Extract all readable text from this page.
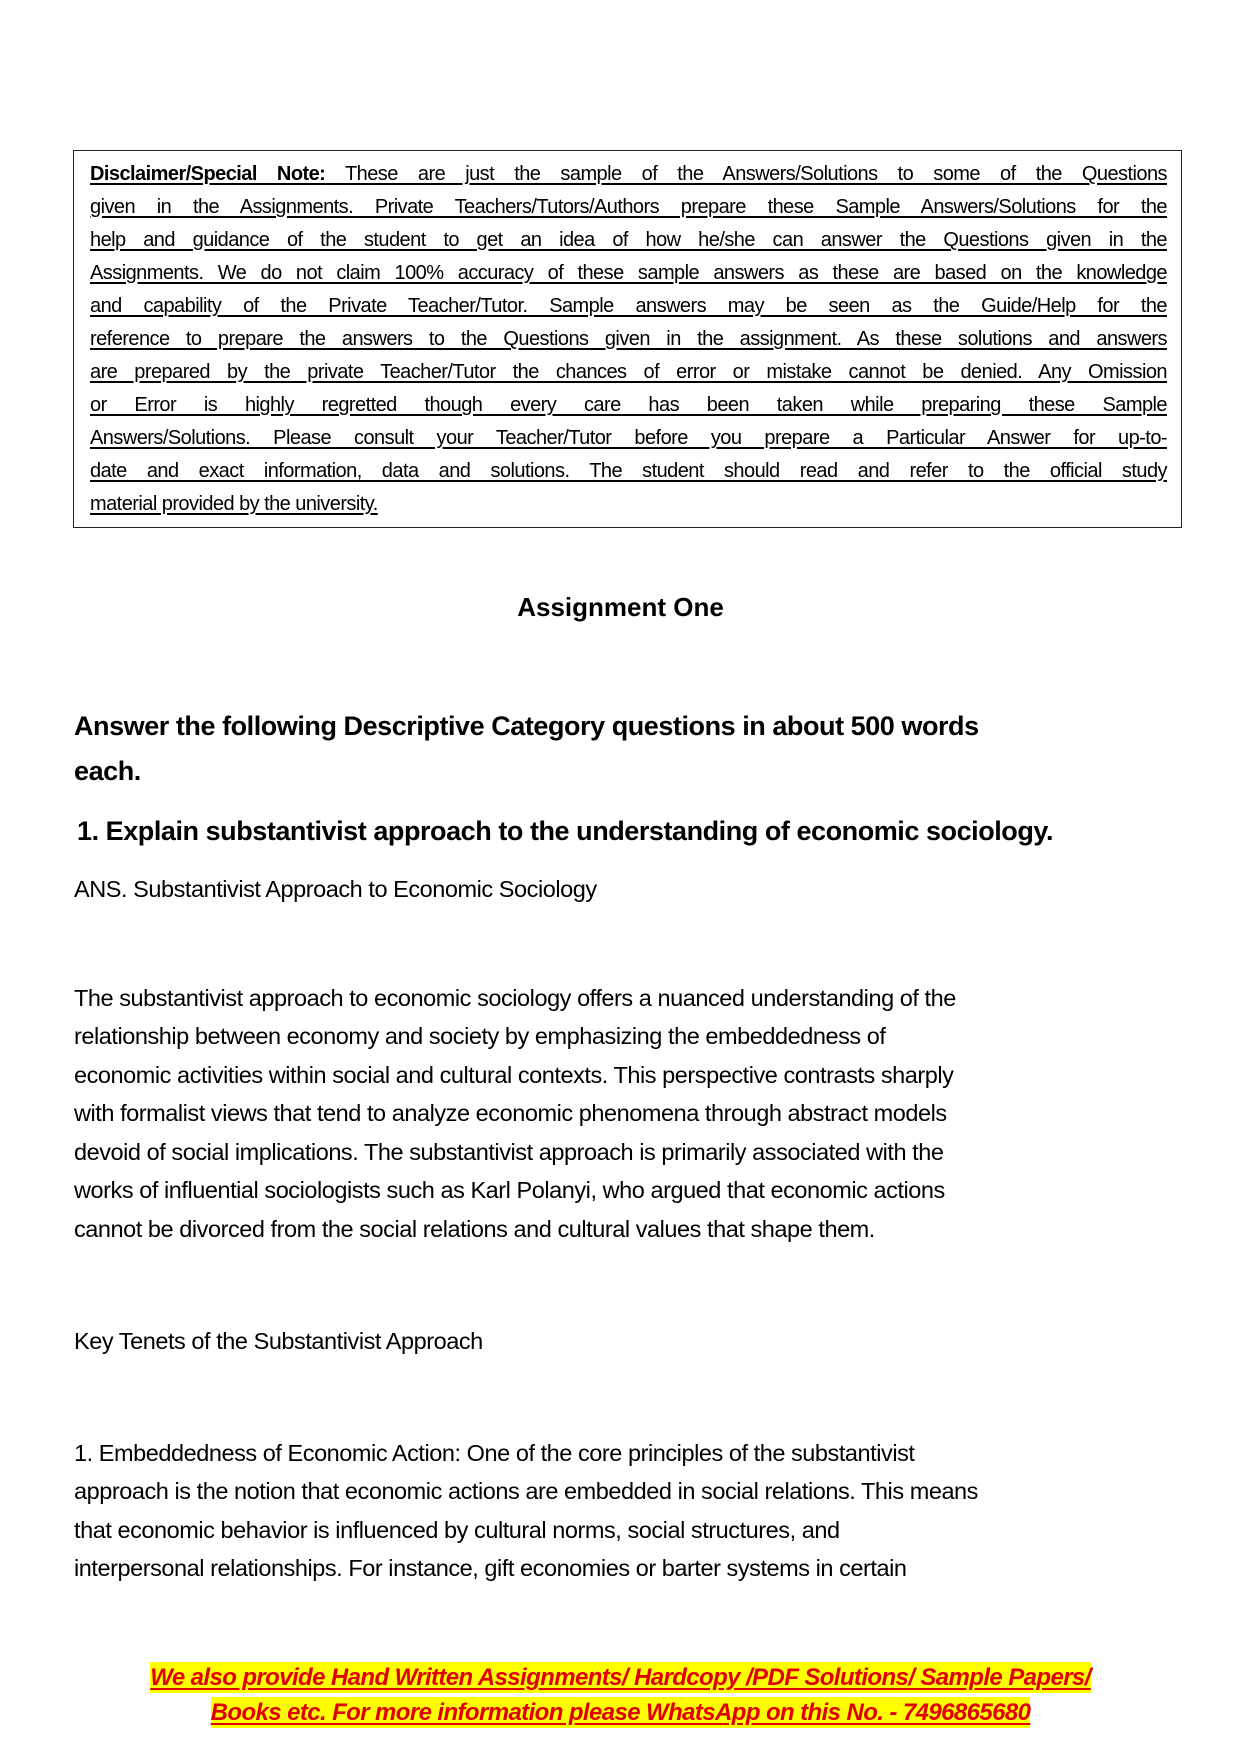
Disclaimer/Special Note: These are just the sample of the Answers/Solutions to some of the Questions
given in the Assignments. Private Teachers/Tutors/Authors prepare these Sample Answers/Solutions for the
help and guidance of the student to get an idea of how he/she can answer the Questions given in the
Assignments. We do not claim 100% accuracy of these sample answers as these are based on the knowledge
and capability of the Private Teacher/Tutor. Sample answers may be seen as the Guide/Help for the
reference to prepare the answers to the Questions given in the assignment. As these solutions and answers
are prepared by the private Teacher/Tutor the chances of error or mistake cannot be denied. Any Omission
or Error is highly regretted though every care has been taken while preparing these Sample
Answers/Solutions. Please consult your Teacher/Tutor before you prepare a Particular Answer for up-to-
date and exact information, data and solutions. The student should read and refer to the official study
material provided by the university.
Assignment One
Answer the following Descriptive Category questions in about 500 words
each.
1. Explain substantivist approach to the understanding of economic sociology.
ANS. Substantivist Approach to Economic Sociology
The substantivist approach to economic sociology offers a nuanced understanding of the
relationship between economy and society by emphasizing the embeddedness of
economic activities within social and cultural contexts. This perspective contrasts sharply
with formalist views that tend to analyze economic phenomena through abstract models
devoid of social implications. The substantivist approach is primarily associated with the
works of influential sociologists such as Karl Polanyi, who argued that economic actions
cannot be divorced from the social relations and cultural values that shape them.
Key Tenets of the Substantivist Approach
1. Embeddedness of Economic Action: One of the core principles of the substantivist
approach is the notion that economic actions are embedded in social relations. This means
that economic behavior is influenced by cultural norms, social structures, and
interpersonal relationships. For instance, gift economies or barter systems in certain
We also provide Hand Written Assignments/ Hardcopy /PDF Solutions/ Sample Papers/
Books etc. For more information please WhatsApp on this No. - 7496865680
